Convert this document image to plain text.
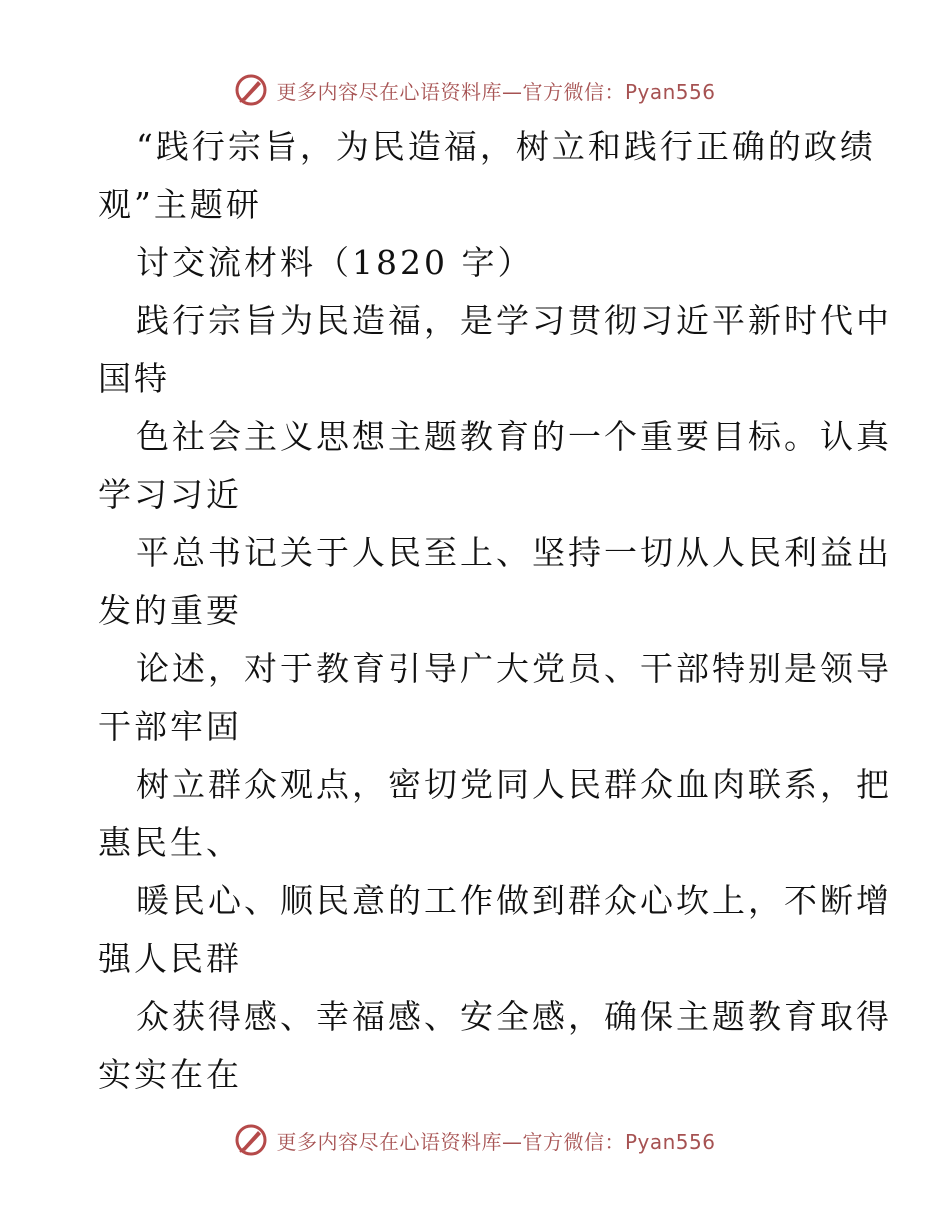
更多内容尽在心语资料库—官方微信：Pyan556
“践行宗旨，为民造福，树立和践行正确的政绩
观”主题研
讨交流材料（1820 字）
践行宗旨为民造福，是学习贯彻习近平新时代中
国特
色社会主义思想主题教育的一个重要目标。认真
学习习近
平总书记关于人民至上、坚持一切从人民利益出
发的重要
论述，对于教育引导广大党员、干部特别是领导
干部牢固
树立群众观点，密切党同人民群众血肉联系，把
惠民生、
暖民心、顺民意的工作做到群众心坎上，不断增
强人民群
众获得感、幸福感、安全感，确保主题教育取得
实实在在
更多内容尽在心语资料库—官方微信：Pyan556
